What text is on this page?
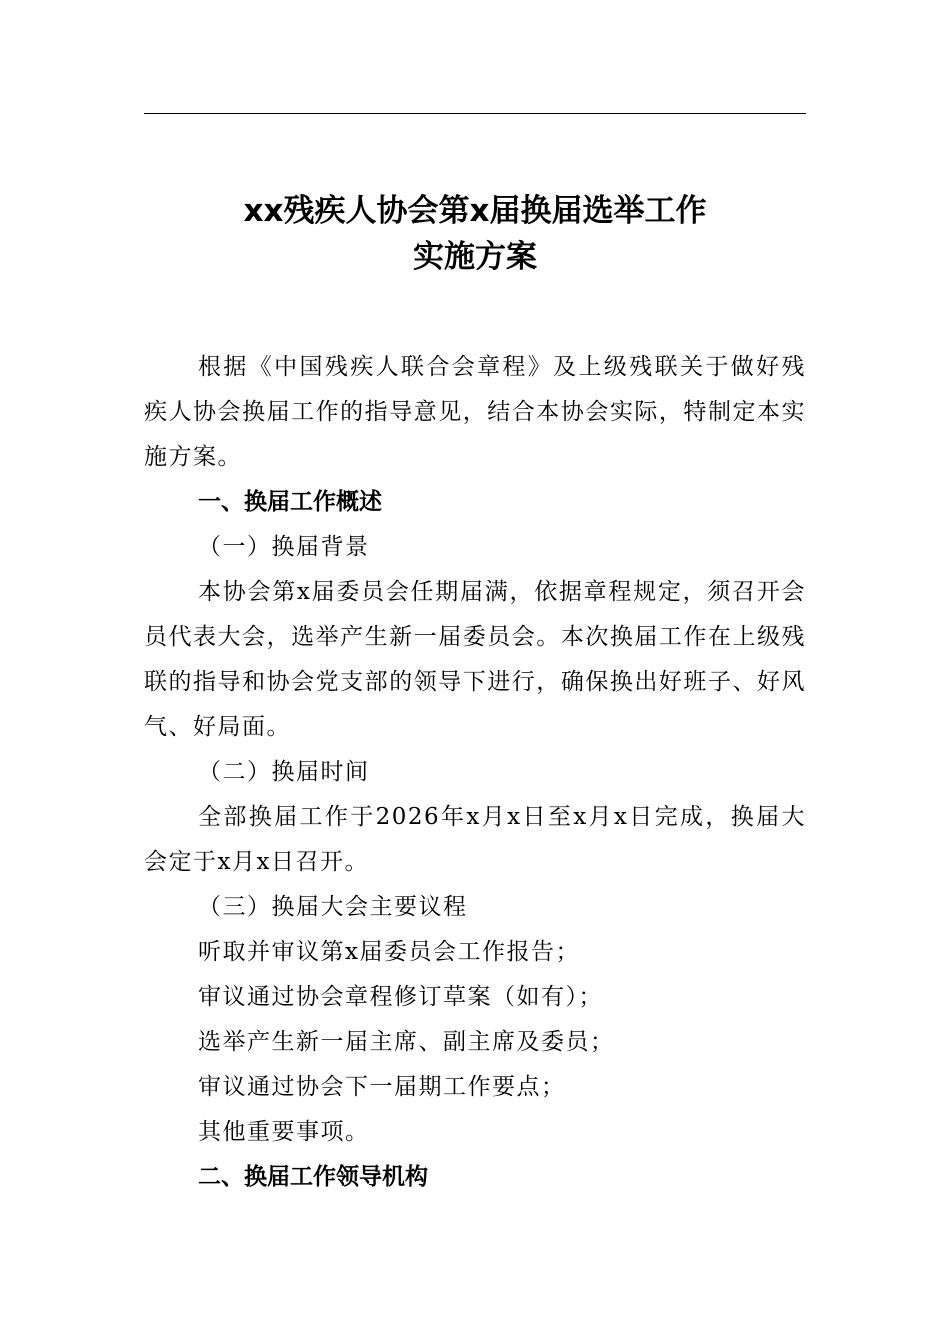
xx残疾人协会第x届换届选举工作
实施方案

根据《中国残疾人联合会章程》及上级残联关于做好残疾人协会换届工作的指导意见，结合本协会实际，特制定本实施方案。

一、换届工作概述

（一）换届背景

本协会第x届委员会任期届满，依据章程规定，须召开会员代表大会，选举产生新一届委员会。本次换届工作在上级残联的指导和协会党支部的领导下进行，确保换出好班子、好风气、好局面。

（二）换届时间

全部换届工作于2026年x月x日至x月x日完成，换届大会定于x月x日召开。

（三）换届大会主要议程

听取并审议第x届委员会工作报告；

审议通过协会章程修订草案（如有）；

选举产生新一届主席、副主席及委员；

审议通过协会下一届期工作要点；

其他重要事项。

二、换届工作领导机构
